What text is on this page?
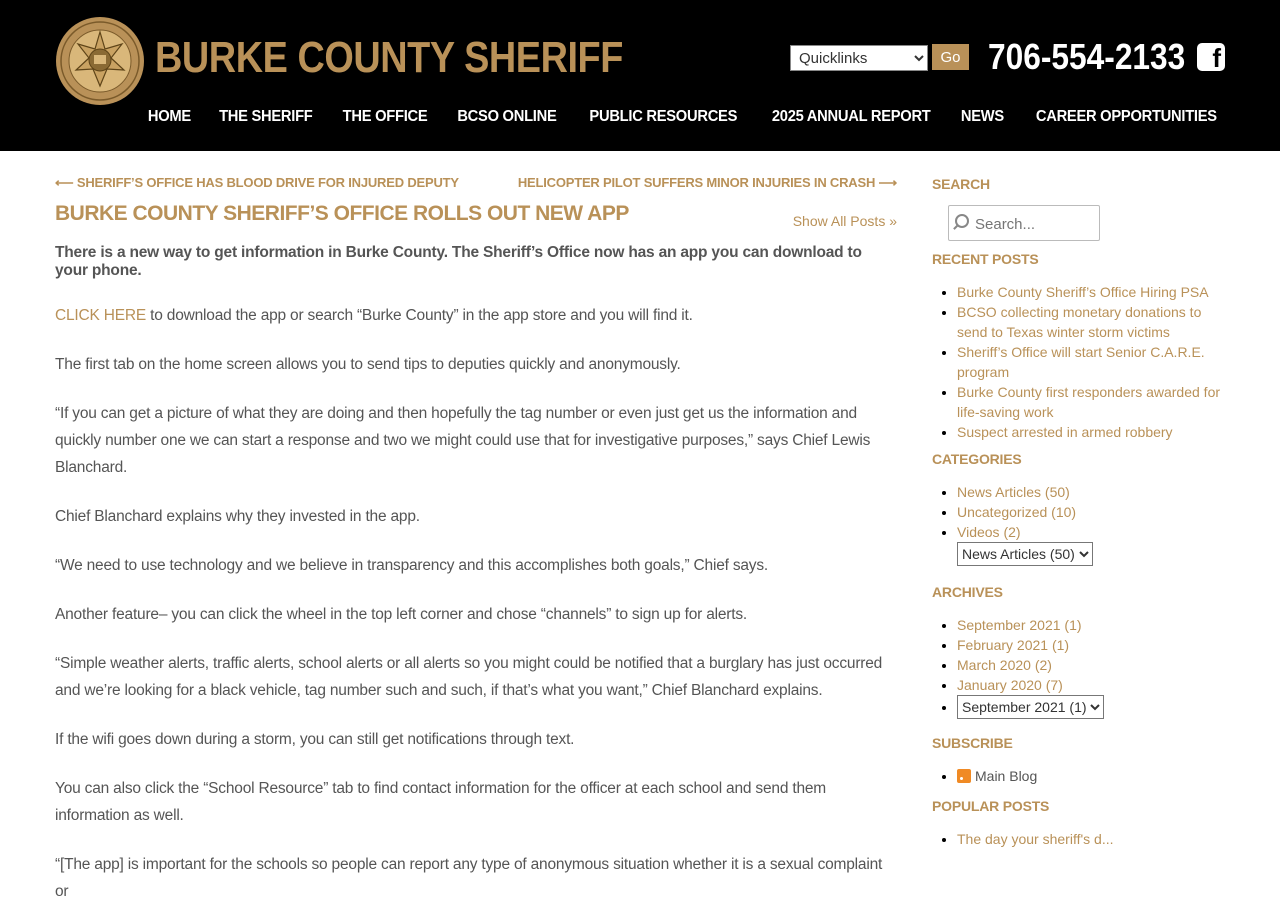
BURKE COUNTY SHERIFF
Quicklinks	Go 706-554-2133 f
HOME THE SHERIFF THE OFFICE BCSO ONLINE PUBLIC RESOURCES 2025 ANNUAL REPORT NEWS CAREER OPPORTUNITIES
⟵ SHERIFF’S OFFICE HAS BLOOD DRIVE FOR INJURED DEPUTY	HELICOPTER PILOT SUFFERS MINOR INJURIES IN CRASH ⟶
BURKE COUNTY SHERIFF’S OFFICE ROLLS OUT NEW APP	Show All Posts »

There is a new way to get information in Burke County. The Sheriff’s Office now has an app you can download to your phone.

CLICK HERE to download the app or search “Burke County” in the app store and you will find it.

The first tab on the home screen allows you to send tips to deputies quickly and anonymously.

“If you can get a picture of what they are doing and then hopefully the tag number or even just get us the information and quickly number one we can start a response and two we might could use that for investigative purposes,” says Chief Lewis Blanchard.

Chief Blanchard explains why they invested in the app.

“We need to use technology and we believe in transparency and this accomplishes both goals,” Chief says.

Another feature– you can click the wheel in the top left corner and chose “channels” to sign up for alerts.

“Simple weather alerts, traffic alerts, school alerts or all alerts so you might could be notified that a burglary has just occurred and we’re looking for a black vehicle, tag number such and such, if that’s what you want,” Chief Blanchard explains.

If the wifi goes down during a storm, you can still get notifications through text.

You can also click the “School Resource” tab to find contact information for the officer at each school and send them information as well.

“[The app] is important for the schools so people can report any type of anonymous situation whether it is a sexual complaint or

SEARCH
Search...
RECENT POSTS
• Burke County Sheriff’s Office Hiring PSA
• BCSO collecting monetary donations to send to Texas winter storm victims
• Sheriff’s Office will start Senior C.A.R.E. program
• Burke County first responders awarded for life-saving work
• Suspect arrested in armed robbery
CATEGORIES
• News Articles (50)
• Uncategorized (10)
• Videos (2)
News Articles (50)
ARCHIVES
• September 2021 (1)
• February 2021 (1)
• March 2020 (2)
• January 2020 (7)
•
September 2021 (1)
SUBSCRIBE
• Main Blog
POPULAR POSTS
• The day your sheriff's d...
